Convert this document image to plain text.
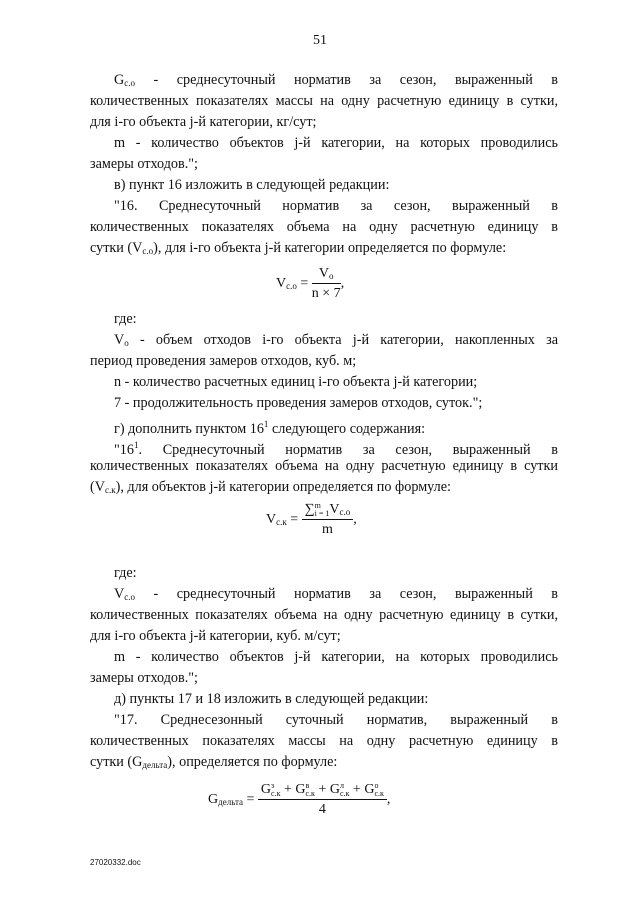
51

$G_{с.о}$ - среднесуточный норматив за сезон, выраженный в

количественных показателях массы на одну расчетную единицу в сутки,

для i-го объекта j-й категории, кг/сут;

m - количество объектов j-й категории, на которых проводились

замеры отходов.";

в) пункт 16 изложить в следующей редакции:

"16. Среднесуточный норматив за сезон, выраженный в

количественных показателях объема на одну расчетную единицу в

сутки $(V_{с.о})$, для i-го объекта j-й категории определяется по формуле:

$V_{с.о} = \frac{V_о}{n \times 7}$ ,

где:

$V_о$ - объем отходов i-го объекта j-й категории, накопленных за

период проведения замеров отходов, куб. м;

n - количество расчетных единиц i-го объекта j-й категории;

7 - продолжительность проведения замеров отходов, суток.";

г) дополнить пунктом $16^1$ следующего содержания:

"$16^1$. Среднесуточный норматив за сезон, выраженный в

количественных показателях объема на одну расчетную единицу в сутки

$(V_{с.к})$, для объектов j-й категории определяется по формуле:

$V_{с.к}$ =
∑m
$i = 1V_{с.о}$
m
,

где:

$V_{с.о}$ - среднесуточный норматив за сезон, выраженный в

количественных показателях объема на одну расчетную единицу в сутки,

для i-го объекта j-й категории, куб. м/сут;

m - количество объектов j-й категории, на которых проводились

замеры отходов.";

д) пункты 17 и 18 изложить в следующей редакции:

"17. Среднесезонный суточный норматив, выраженный в

количественных показателях массы на одну расчетную единицу в

сутки $(G_{дельта})$, определяется по формуле:

$G_{дельта}$ =
Gз
с.к + Gв
с.к + Gл
с.к + Gо
с.к
4
,
27020332.doc
